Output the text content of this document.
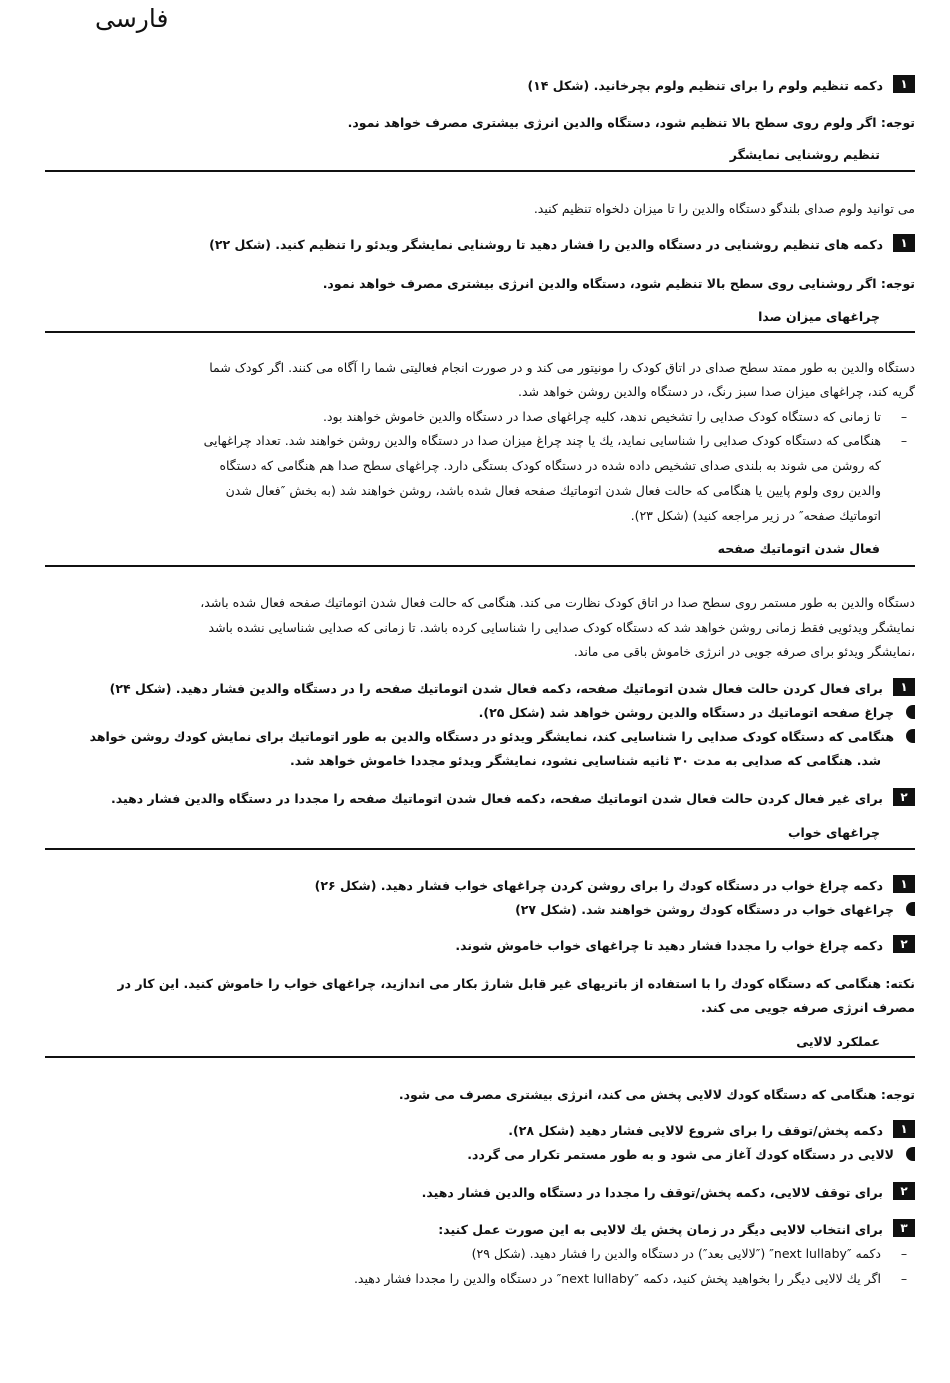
فارسی
۱
دکمه تنظیم ولوم را برای تنظیم ولوم بچرخانید. (شکل ۱۴)
توجه: اگر ولوم روی سطح بالا تنظیم شود، دستگاه والدین انرژی بیشتری مصرف خواهد نمود.
تنظیم روشنایی نمایشگر
می توانید ولوم صدای بلندگو دستگاه والدین را تا میزان دلخواه تنظیم کنید.
۱
دکمه های تنظیم روشنایی در دستگاه والدین را فشار دهید تا روشنایی نمایشگر ویدئو را تنظیم کنید. (شکل ۲۲)
توجه: اگر روشنایی روی سطح بالا تنظیم شود، دستگاه والدین انرژی بیشتری مصرف خواهد نمود.
چراغهای میزان صدا
دستگاه والدین به طور ممتد سطح صدای در اتاق کودک را مونیتور می کند و در صورت انجام فعالیتی شما را آگاه می کنند. اگر کودک شما
گریه کند، چراغهای میزان صدا سبز رنگ، در دستگاه والدین روشن خواهد شد.
–
تا زمانی که دستگاه کودک صدایی را تشخیص ندهد، کلیه چراغهای صدا در دستگاه والدین خاموش خواهند بود.
–
هنگامی که دستگاه کودک صدایی را شناسایی نماید، یك یا چند چراغ میزان صدا در دستگاه والدین روشن خواهند شد. تعداد چراغهایی
که روشن می شوند به بلندی صدای تشخیص داده شده در دستگاه کودک بستگی دارد. چراغهای سطح صدا هم هنگامی که دستگاه
والدین روی ولوم پایین یا هنگامی که حالت فعال شدن اتوماتیك صفحه فعال شده باشد، روشن خواهند شد (به بخش ″فعال شدن
اتوماتیك صفحه″ در زیر مراجعه کنید) (شکل ۲۳).
فعال شدن اتوماتیك صفحه
دستگاه والدین به طور مستمر روی سطح صدا در اتاق کودک نظارت می کند. هنگامی که حالت فعال شدن اتوماتیك صفحه فعال شده باشد،
نمایشگر ویدئویی فقط زمانی روشن خواهد شد که دستگاه کودک صدایی را شناسایی کرده باشد. تا زمانی که صدایی شناسایی نشده باشد
،نمایشگر ویدئو برای صرفه جویی در انرژی خاموش باقی می ماند.
۱
برای فعال کردن حالت فعال شدن اتوماتیك صفحه، دکمه فعال شدن اتوماتیك صفحه را در دستگاه والدین فشار دهید. (شکل ۲۴)
چراغ صفحه اتوماتیك در دستگاه والدین روشن خواهد شد (شکل ۲۵).
هنگامی که دستگاه کودک صدایی را شناسایی کند، نمایشگر ویدئو در دستگاه والدین به طور اتوماتیك برای نمایش کودك روشن خواهد
شد. هنگامی که صدایی به مدت ۳۰ ثانیه شناسایی نشود، نمایشگر ویدئو مجددا خاموش خواهد شد.
۲
برای غیر فعال کردن حالت فعال شدن اتوماتیك صفحه، دکمه فعال شدن اتوماتیك صفحه را مجددا در دستگاه والدین فشار دهید.
چراغهای خواب
۱
دکمه چراغ خواب در دستگاه کودك را برای روشن کردن چراغهای خواب فشار دهید. (شکل ۲۶)
چراغهای خواب در دستگاه کودك روشن خواهند شد. (شکل ۲۷)
۲
دکمه چراغ خواب را مجددا فشار دهید تا چراغهای خواب خاموش شوند.
نکته: هنگامی که دستگاه کودك را با استفاده از باتریهای غیر قابل شارژ بکار می اندازید، چراغهای خواب را خاموش کنید. این کار در
مصرف انرژی صرفه جویی می کند.
عملکرد لالایی
توجه: هنگامی که دستگاه کودك لالایی پخش می کند، انرژی بیشتری مصرف می شود.
۱
دکمه پخش/توقف را برای شروع لالایی فشار دهید (شکل ۲۸).
لالایی در دستگاه کودك آغاز می شود و به طور مستمر تکرار می گردد.
۲
برای توقف لالایی، دکمه پخش/توقف را مجددا در دستگاه والدین فشار دهید.
۳
برای انتخاب لالایی دیگر در زمان پخش یك لالایی به این صورت عمل کنید:
–
دکمه ″next lullaby″ (″لالایی بعد″) در دستگاه والدین را فشار دهید. (شکل ۲۹)
–
اگر یك لالایی دیگر را بخواهید پخش کنید، دکمه ″next lullaby″ در دستگاه والدین را مجددا فشار دهید.
